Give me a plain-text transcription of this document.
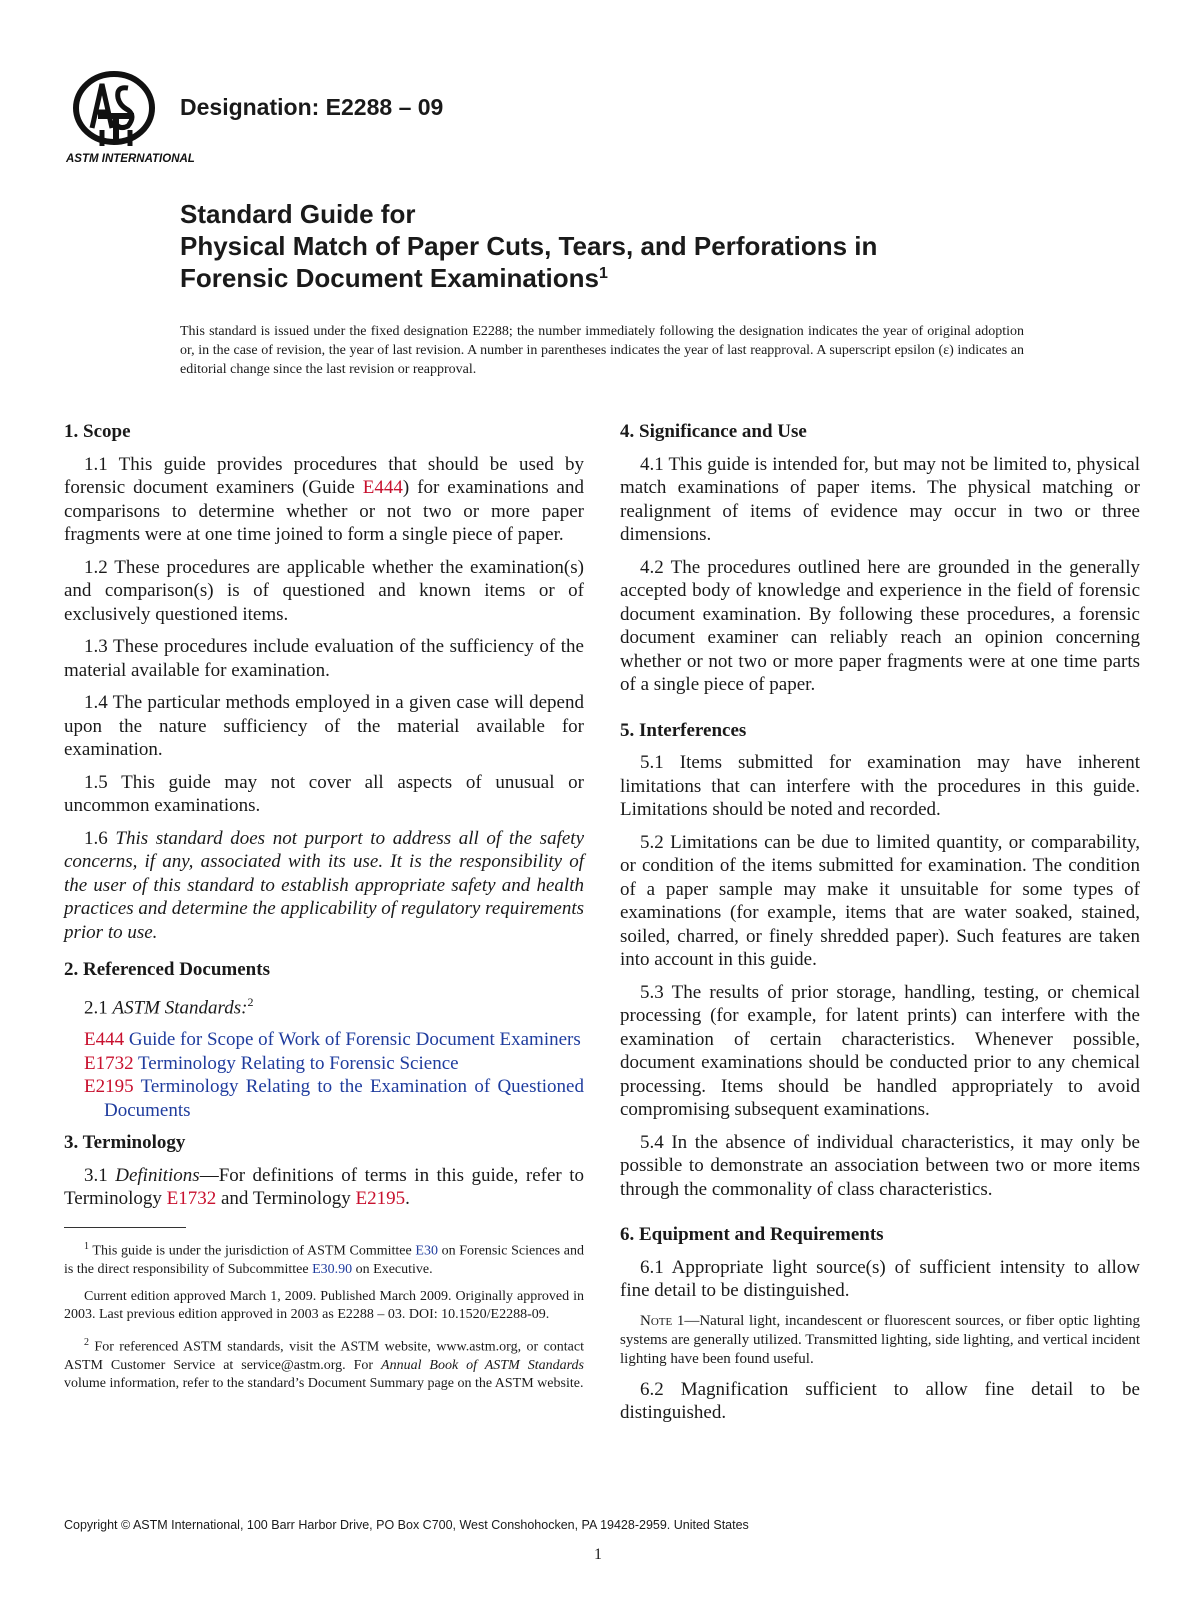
ASTM INTERNATIONAL
Designation: E2288 – 09
Standard Guide for
Physical Match of Paper Cuts, Tears, and Perforations in
Forensic Document Examinations$^1$
This standard is issued under the fixed designation E2288; the number immediately following the designation indicates the year of original adoption or, in the case of revision, the year of last revision. A number in parentheses indicates the year of last reapproval. A superscript epsilon (ε) indicates an editorial change since the last revision or reapproval.
1. Scope

1.1 This guide provides procedures that should be used by forensic document examiners (Guide E444) for examinations and comparisons to determine whether or not two or more paper fragments were at one time joined to form a single piece of paper.

1.2 These procedures are applicable whether the examination(s) and comparison(s) is of questioned and known items or of exclusively questioned items.

1.3 These procedures include evaluation of the sufficiency of the material available for examination.

1.4 The particular methods employed in a given case will depend upon the nature sufficiency of the material available for examination.

1.5 This guide may not cover all aspects of unusual or uncommon examinations.

1.6 This standard does not purport to address all of the safety concerns, if any, associated with its use. It is the responsibility of the user of this standard to establish appropriate safety and health practices and determine the applicability of regulatory requirements prior to use.

2. Referenced Documents

2.1 ASTM Standards:$^2$

E444 Guide for Scope of Work of Forensic Document Examiners
E1732 Terminology Relating to Forensic Science
E2195 Terminology Relating to the Examination of Questioned Documents
3. Terminology

3.1 Definitions—For definitions of terms in this guide, refer to Terminology E1732 and Terminology E2195.

$^1$ This guide is under the jurisdiction of ASTM Committee E30 on Forensic Sciences and is the direct responsibility of Subcommittee E30.90 on Executive.

Current edition approved March 1, 2009. Published March 2009. Originally approved in 2003. Last previous edition approved in 2003 as E2288 – 03. DOI: 10.1520/E2288-09.

$^2$ For referenced ASTM standards, visit the ASTM website, www.astm.org, or contact ASTM Customer Service at service@astm.org. For Annual Book of ASTM Standards volume information, refer to the standard’s Document Summary page on the ASTM website.

4. Significance and Use

4.1 This guide is intended for, but may not be limited to, physical match examinations of paper items. The physical matching or realignment of items of evidence may occur in two or three dimensions.

4.2 The procedures outlined here are grounded in the generally accepted body of knowledge and experience in the field of forensic document examination. By following these procedures, a forensic document examiner can reliably reach an opinion concerning whether or not two or more paper fragments were at one time parts of a single piece of paper.

5. Interferences

5.1 Items submitted for examination may have inherent limitations that can interfere with the procedures in this guide. Limitations should be noted and recorded.

5.2 Limitations can be due to limited quantity, or comparability, or condition of the items submitted for examination. The condition of a paper sample may make it unsuitable for some types of examinations (for example, items that are water soaked, stained, soiled, charred, or finely shredded paper). Such features are taken into account in this guide.

5.3 The results of prior storage, handling, testing, or chemical processing (for example, for latent prints) can interfere with the examination of certain characteristics. Whenever possible, document examinations should be conducted prior to any chemical processing. Items should be handled appropriately to avoid compromising subsequent examinations.

5.4 In the absence of individual characteristics, it may only be possible to demonstrate an association between two or more items through the commonality of class characteristics.

6. Equipment and Requirements

6.1 Appropriate light source(s) of sufficient intensity to allow fine detail to be distinguished.

Note 1—Natural light, incandescent or fluorescent sources, or fiber optic lighting systems are generally utilized. Transmitted lighting, side lighting, and vertical incident lighting have been found useful.

6.2 Magnification sufficient to allow fine detail to be distinguished.

Copyright © ASTM International, 100 Barr Harbor Drive, PO Box C700, West Conshohocken, PA 19428-2959. United States
1
